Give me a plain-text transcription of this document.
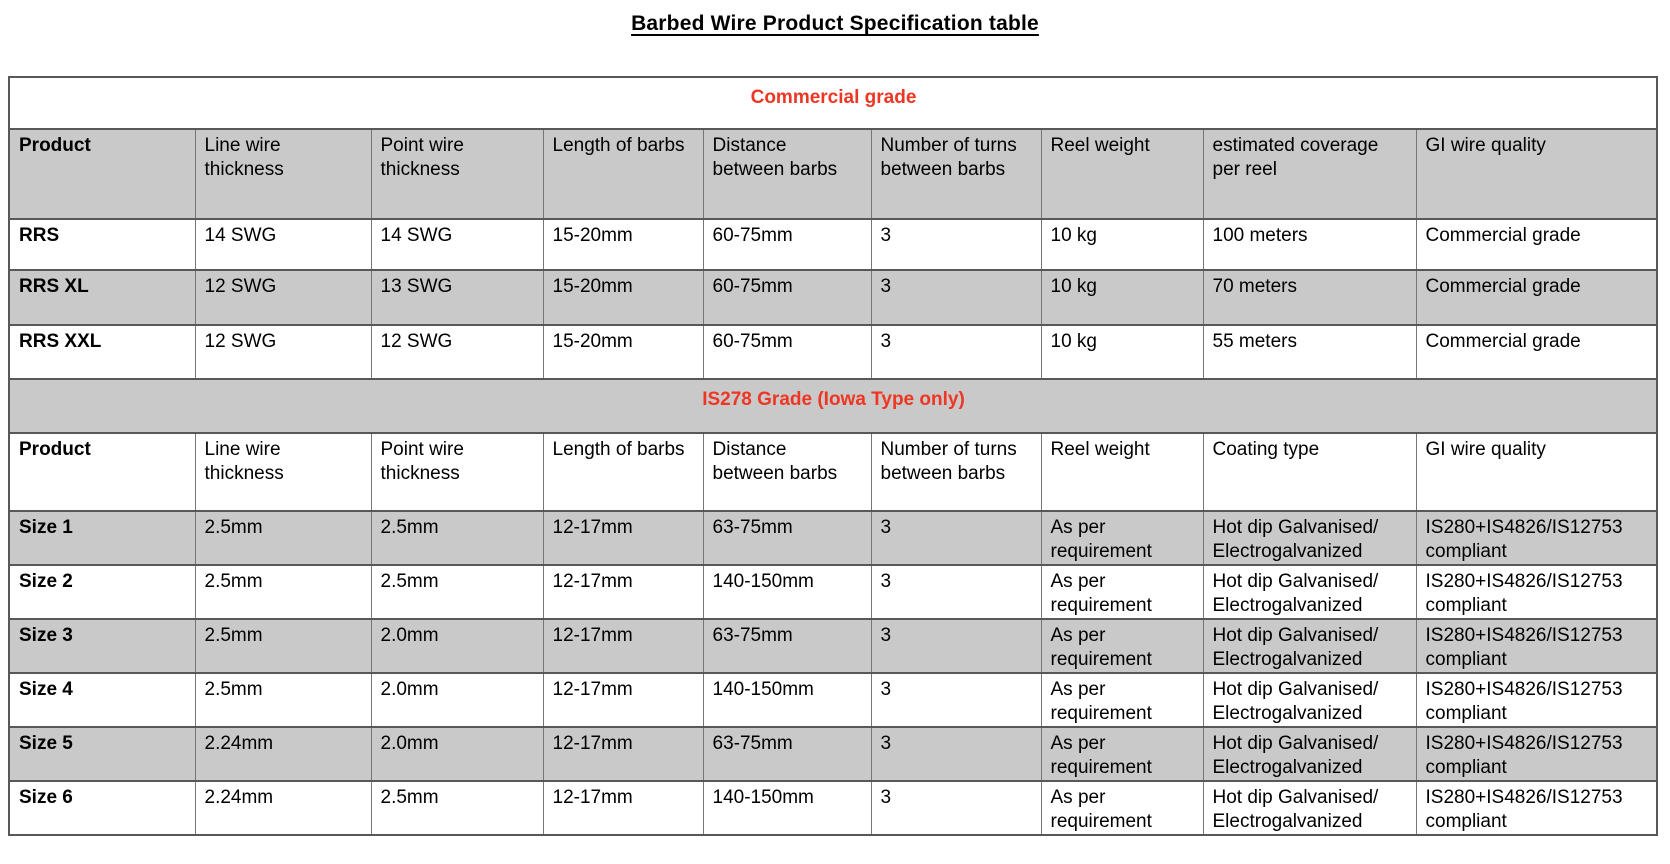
Barbed Wire Product Specification table
Commercial grade								
Product	Line wire thickness	Point wire thickness	Length of barbs	Distance between barbs	Number of turns between barbs	Reel weight	estimated coverage per reel	GI wire quality
RRS	14 SWG	14 SWG	15-20mm	60-75mm	3	10 kg	100 meters	Commercial grade
RRS XL	12 SWG	13 SWG	15-20mm	60-75mm	3	10 kg	70 meters	Commercial grade
RRS XXL	12 SWG	12 SWG	15-20mm	60-75mm	3	10 kg	55 meters	Commercial grade
IS278 Grade (Iowa Type only)								
Product	Line wire thickness	Point wire thickness	Length of barbs	Distance between barbs	Number of turns between barbs	Reel weight	Coating type	GI wire quality
Size 1	2.5mm	2.5mm	12-17mm	63-75mm	3	As per requirement	Hot dip Galvanised/ Electrogalvanized	IS280+IS4826/IS12753 compliant
Size 2	2.5mm	2.5mm	12-17mm	140-150mm	3	As per requirement	Hot dip Galvanised/ Electrogalvanized	IS280+IS4826/IS12753 compliant
Size 3	2.5mm	2.0mm	12-17mm	63-75mm	3	As per requirement	Hot dip Galvanised/ Electrogalvanized	IS280+IS4826/IS12753 compliant
Size 4	2.5mm	2.0mm	12-17mm	140-150mm	3	As per requirement	Hot dip Galvanised/ Electrogalvanized	IS280+IS4826/IS12753 compliant
Size 5	2.24mm	2.0mm	12-17mm	63-75mm	3	As per requirement	Hot dip Galvanised/ Electrogalvanized	IS280+IS4826/IS12753 compliant
Size 6	2.24mm	2.5mm	12-17mm	140-150mm	3	As per requirement	Hot dip Galvanised/ Electrogalvanized	IS280+IS4826/IS12753 compliant
